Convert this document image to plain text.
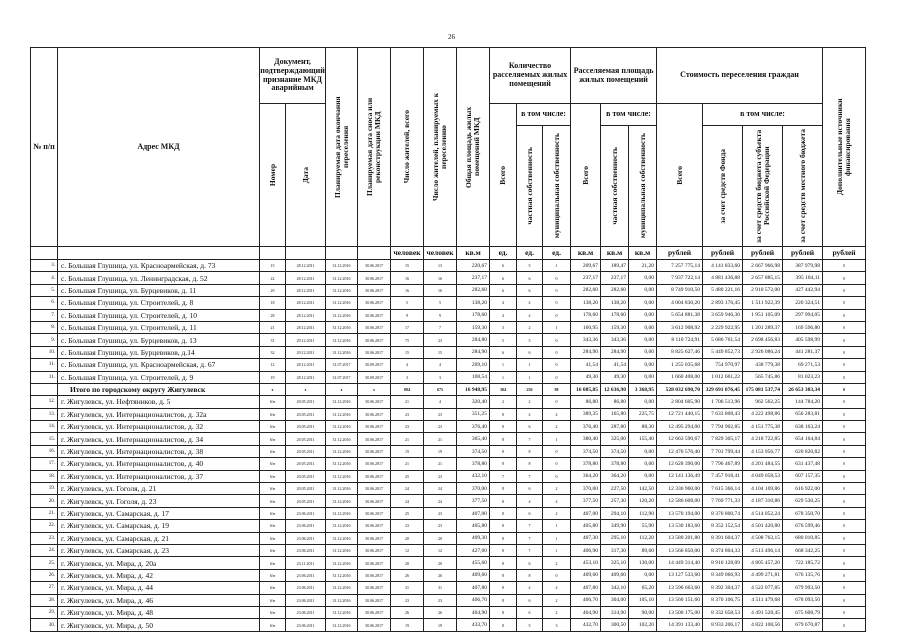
26
№ п/п	Адрес МКД	Документ, подтверждающий признание МКД аварийным		Планируемая дата окончания переселения	Планируемая дата сноса или реконструкции МКД	Число жителей, всего	Число жителей, планируемых к переселению	Общая площадь жилых помещений МКД	Количество расселяемых жилых помещений			Расселяемая площадь жилых помещений			Стоимость переселения граждан				Дополнительные источники финансирования

		Номер	Дата						Всего	в том числе:		Всего	в том числе:		Всего	в том числе:			

										частная собственность	муниципальная собственность		частная собственность	муниципальная собственность		за счет средств Фонда	за счет средств бюджета субъекта Российской Федерации	за счет средств местного бюджета	

						человек	человек	кв.м	ед.	ед.	ед.	кв.м	кв.м	кв.м	рублей	рублей	рублей	рублей	рублей
3.	с. Большая Глушица, ул. Красноармейская, д. 73	15	28.12.2011	31.12.2016	30.06.2017	15	13	220,67	6	5	1	209,67	189,47	21,20	7 257 775,14	4 141 833,60	2 667 966,98	387 979,98	0
4.	с. Большая Глушица, ул. Ленинградская, д. 52	22	28.12.2011	31.12.2016	30.06.2017	16	16	237,17	6	6	0	237,17	237,17	0,00	7 937 722,14	4 881 436,88	2 657 885,15	395 184,11	0
5.	с. Большая Глушица, ул. Бурцевиков, д. 11	29	28.12.2011	31.12.2016	30.06.2017	16	16	282,60	6	6	0	282,60	282,60	0,00	8 749 910,50	5 480 221,16	2 910 572,00	427 442,94	0
6.	с. Большая Глушица, ул. Строителей, д. 8	18	28.12.2011	31.12.2016	30.06.2017	5	5	138,20	4	4	0	138,20	138,20	0,00	4 004 830,20	2 893 176,45	1 511 922,39	220 324,51	0
7.	с. Большая Глушица, ул. Строителей, д. 10	28	28.12.2011	31.12.2016	30.06.2017	9	9	178,60	4	4	0	178,60	178,60	0,00	5 654 881,38	3 659 946,36	1 951 105,09	297 994,05	0
8.	с. Большая Глушица, ул. Строителей, д. 11	21	28.12.2011	31.12.2016	30.06.2017	17	7	159,30	3	2	1	160,95	159,30	0,00	3 612 908,92	2 229 922,95	1 201 289,37	169 596,80	0
9.	с. Большая Глушица, ул. Бурцевиков, д. 13	31	29.12.2011	31.12.2016	30.06.2017	75	23	284,80	5	5	0	343,36	343,36	0,00	8 110 724,91	5 086 761,54	2 698 456,83	405 598,99	0
10.	с. Большая Глушица, ул. Бурцевиков, д.14	32	29.12.2011	31.12.2016	30.06.2017	15	15	284,90	6	6	0	284,90	284,90	0,00	8 825 627,46	5 449 852,73	2 926 086,24	441 281,37	0
11.	с. Большая Глушица, ул. Красноармейская, д. 67	12	28.12.2011	31.07.2017	30.09.2017	4	4	209,10	1	1	0	41,54	41,54	0,00	1 255 035,68	754 970,97	438 779,38	69 271,53	0
11.	с. Большая Глушица, ул. Строителей, д. 9	19	28.12.2011	31.07.2017	30.09.2017	3	3	108,54	1	1	0	49,30	49,30	0,00	1 660 408,00	1 012 661,22	565 745,86	81 023,23	0
	Итого по городскому округу Жигулевск	x	x	x	x	804	675	16 948,95	304	256	98	16 085,85	12 636,90	3 368,95	528 032 690,70	329 691 076,45	175 081 537,74	26 653 383,34	0
12.	г. Жигулевск, ул. Нефтяников, д. 5	6/н	20.05.2011	31.12.2016	30.06.2017	21	4	320,40	2	2	0	86,80	86,80	0,00	2 804 605,90	1 706 513,96	962 562,25	144 784,20	0
13.	г. Жигулевск, ул. Интернационалистов, д. 32а	6/н	20.05.2011	31.12.2016	30.06.2017	23	23	351,25	8	4	4	389,35	165,80	225,75	12 721 440,15	7 633 808,43	4 222 498,86	656 283,81	0
14.	г. Жигулевск, ул. Интернационалистов, д. 32	6/н	20.05.2011	31.12.2016	30.06.2017	23	23	376,40	8	6	2	376,40	287,80	88,30	12 495 294,00	7 794 902,85	4 151 775,38	638 163,24	0
15.	г. Жигулевск, ул. Интернационалистов, д. 34	6/н	20.05.2011	31.12.2016	30.06.2017	21	21	365,40	8	7	1	380,40	325,00	155,40	12 663 590,67	7 829 305,17	4 218 722,85	654 164,84	0
16.	г. Жигулевск, ул. Интернационалистов, д. 38	6/н	20.05.2011	31.12.2016	30.06.2017	19	19	374,50	8	8	0	374,50	374,50	0,00	12 476 576,40	7 701 799,44	4 153 956,77	620 820,82	0
17.	г. Жигулевск, ул. Интернационалистов, д. 40	6/н	20.05.2011	31.12.2016	30.06.2017	21	21	378,80	8	8	0	378,80	378,80	0,00	12 628 390,00	7 796 467,89	4 201 484,55	631 437,48	0
18.	г. Жигулевск, ул. Интернационалистов, д. 37	6/н	20.05.2011	31.12.2016	30.06.2017	25	23	432,10	7	7	0	364,20	364,20	0,00	12 141 136,49	7 457 918,41	4 049 058,53	607 157,35	0
19.	г. Жигулевск, ул. Гоголя, д. 21	6/н	20.05.2011	31.12.2016	30.06.2017	24	24	370,00	8	6	2	370,00	227,50	142,50	12 336 960,00	7 615 366,14	4 104 169,86	616 922,00	0
20.	г. Жигулевск, ул. Гоголя, д. 23	6/н	20.05.2011	31.12.2016	30.06.2017	24	24	377,50	8	4	4	377,50	257,30	120,20	12 586 608,00	7 769 771,33	4 187 310,86	629 530,25	0
21.	г. Жигулевск, ул. Самарская, д. 17	6/н	23.06.2011	31.12.2016	30.06.2017	25	23	407,00	8	6	2	407,00	294,10	112,90	13 570 194,00	8 376 800,74	4 514 052,24	678 350,70	0
22.	г. Жигулевск, ул. Самарская, д. 19	6/н	23.06.2011	31.12.2016	30.06.2017	23	23	405,80	8	7	1	405,80	349,90	55,90	13 530 183,60	8 352 152,54	4 501 420,80	676 599,46	0
23.	г. Жигулевск, ул. Самарская, д. 21	6/н	23.06.2011	31.12.2016	30.06.2017	20	20	409,30	8	7	1	407,30	295,10	112,20	13 580 201,80	8 391 604,37	4 508 763,15	680 010,85	0
24.	г. Жигулевск, ул. Самарская, д. 23	6/н	23.06.2011	31.12.2016	30.06.2017	12	12	427,00	8	7	1	406,90	317,30	89,60	13 566 850,00	8 374 804,33	4 513 496,14	668 342,25	0
25.	г. Жигулевск, ул. Мира, д. 20а	6/н	23.11.2011	31.12.2016	30.06.2017	20	20	455,60	8	6	2	453,10	325,10	130,00	14 449 314,40	8 916 128,09	4 805 457,20	722 185,72	0
26.	г. Жигулевск, ул. Мира, д. 42	6/н	23.06.2011	31.12.2016	30.06.2017	26	26	409,60	8	8	0	409,60	409,60	0,00	13 127 533,60	8 349 066,93	4 499 271,81	676 135,76	0
27.	г. Жигулевск, ул. Мира, д. 44	6/н	23.06.2011	31.12.2016	30.06.2017	31	31	407,80	8	4	4	407,80	342,10	65,20	13 596 663,60	8 392 304,37	4 522 077,85	679 993,50	0
28.	г. Жигулевск, ул. Мира, д. 46	6/н	23.06.2011	31.12.2016	30.06.2017	23	23	406,70	8	6	2	406,70	304,00	105,10	13 560 151,60	8 370 106,75	4 511 479,68	678 093,50	0
29.	г. Жигулевск, ул. Мира, д. 48	6/н	23.06.2011	31.12.2016	30.06.2017	26	26	404,90	8	6	2	404,90	314,90	90,00	13 500 175,00	8 332 658,53	4 491 528,45	675 608,79	0
30.	г. Жигулевск, ул. Мира, д. 50	6/н	23.06.2011	31.12.2016	30.06.2017	19	19	433,70	8	5	3	432,70	300,50	102,20	14 391 133,40	8 933 206,17	4 822 108,56	679 670,87	0
